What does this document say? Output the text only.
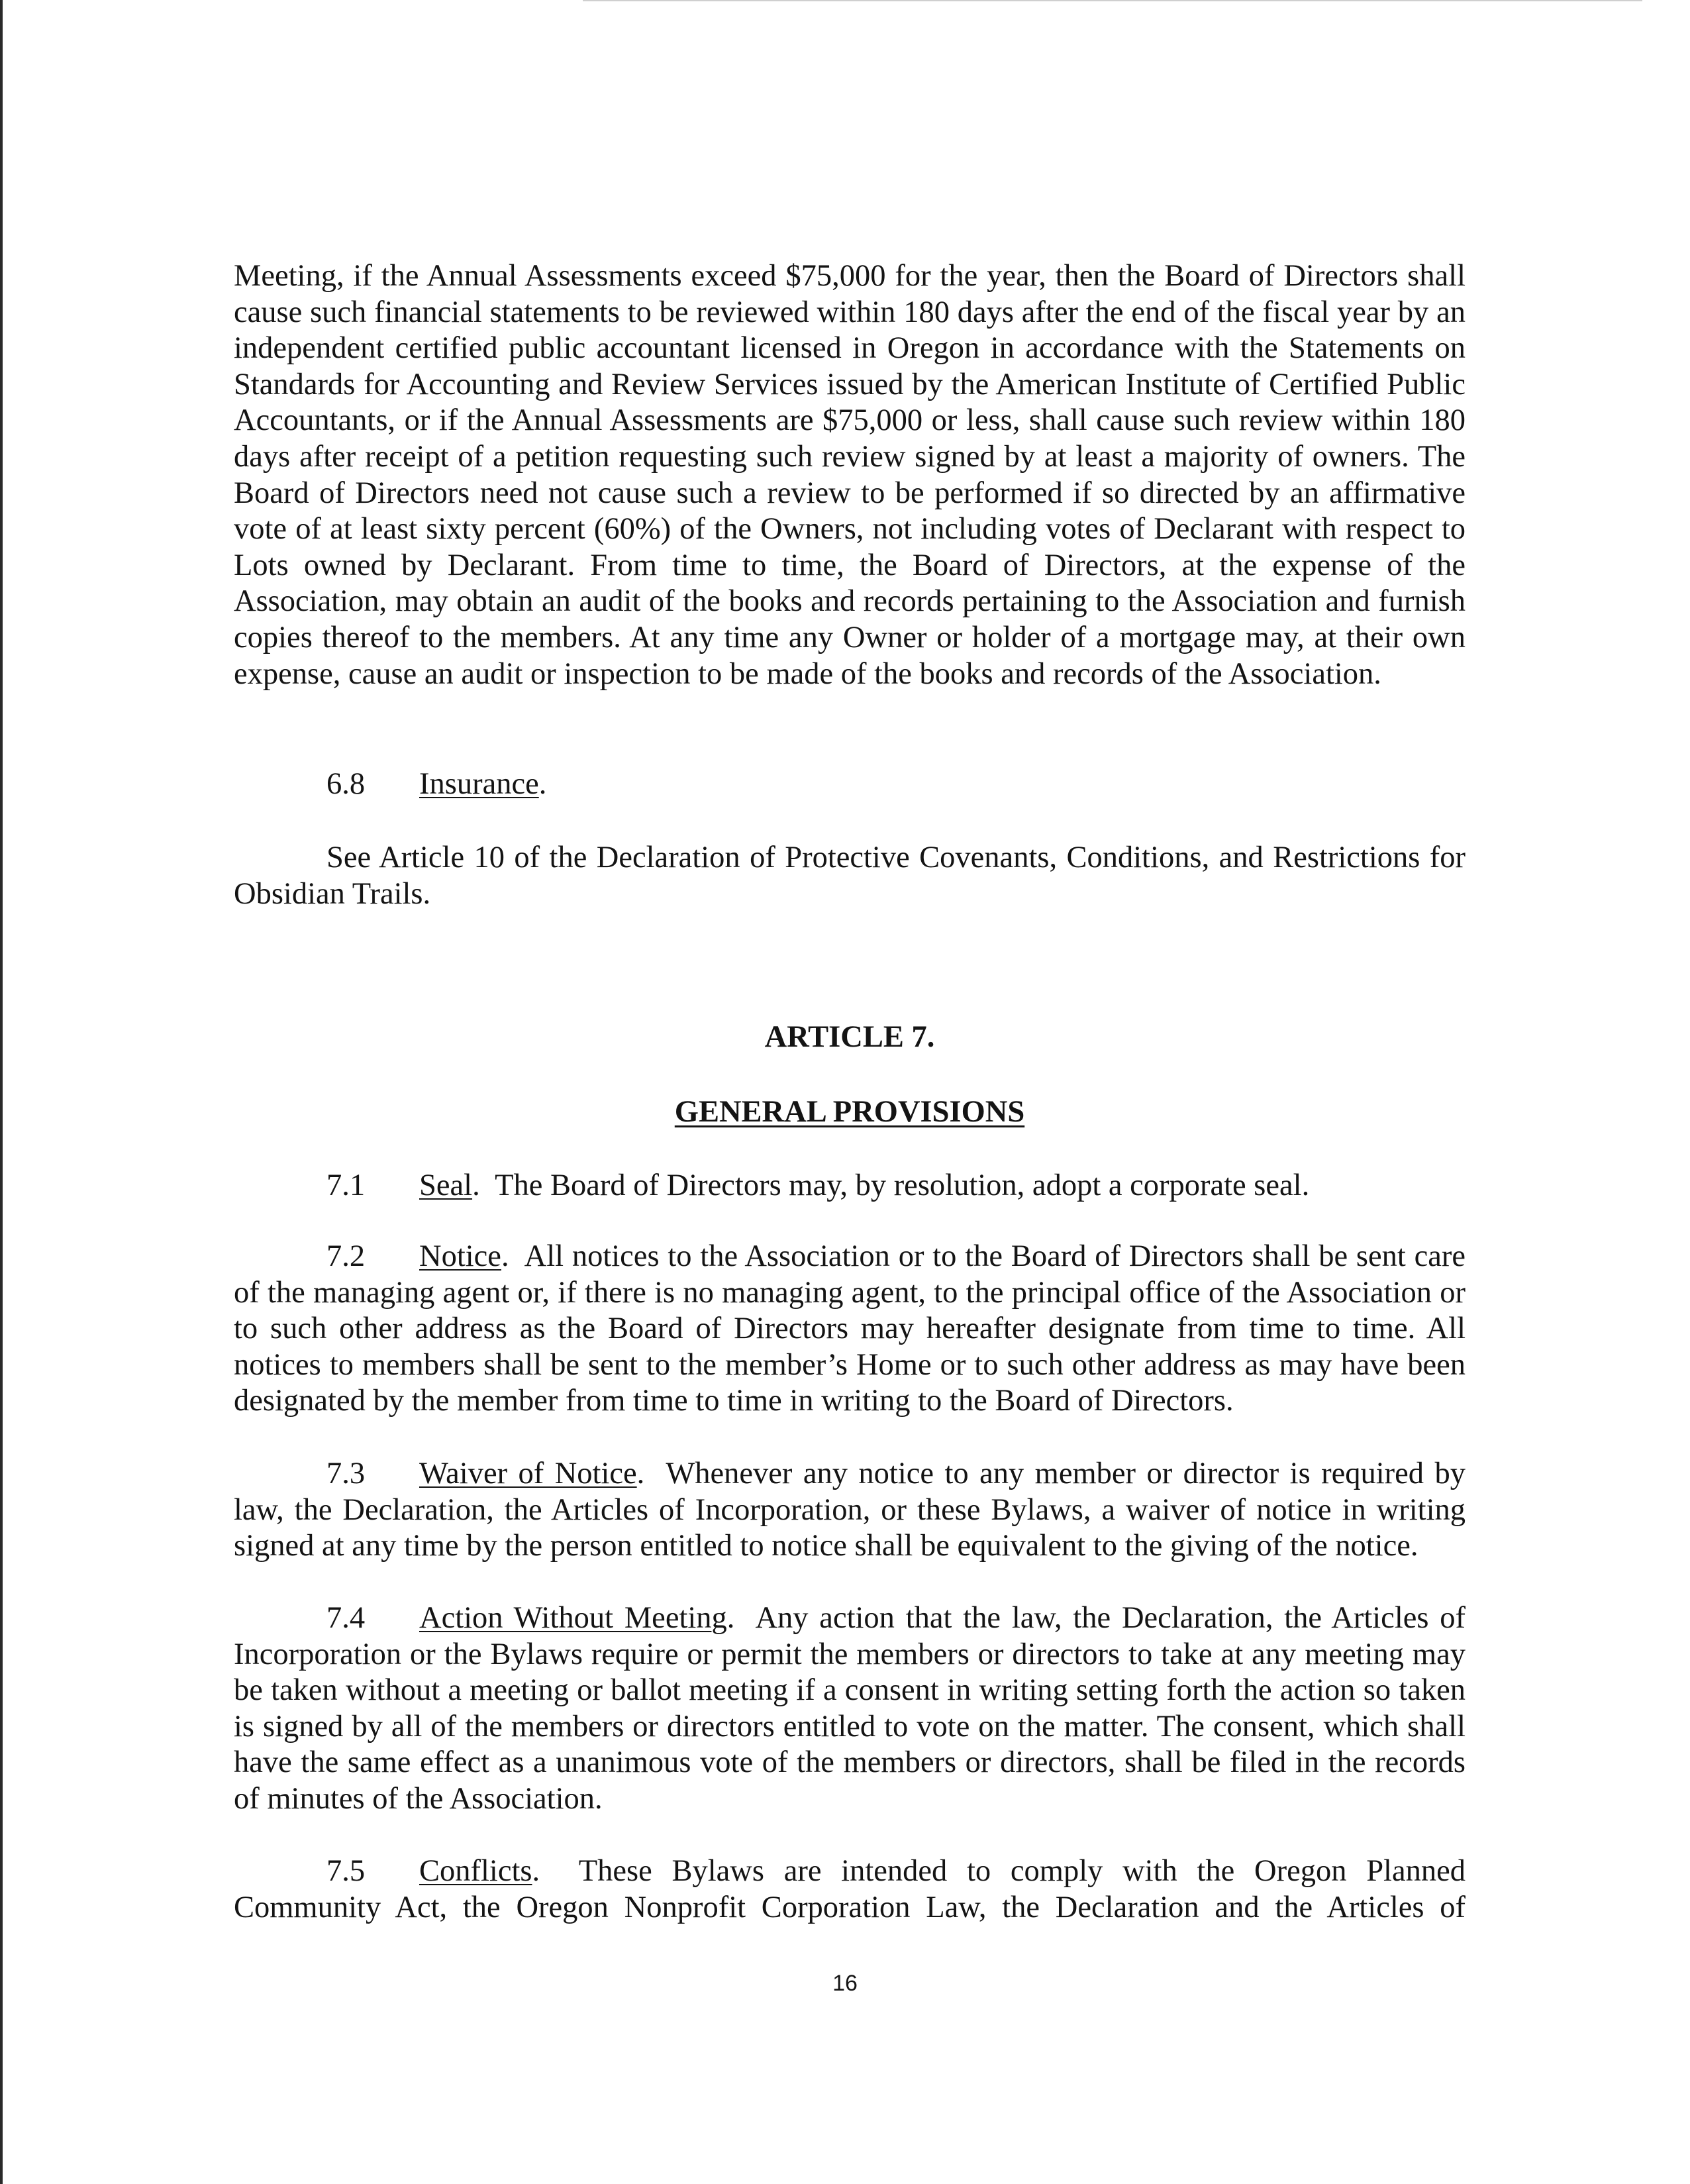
Meeting, if the Annual Assessments exceed $75,000 for the year, then the Board of Directors shall cause such financial statements to be reviewed within 180 days after the end of the fiscal year by an independent certified public accountant licensed in Oregon in accordance with the Statements on Standards for Accounting and Review Services issued by the American Institute of Certified Public Accountants, or if the Annual Assessments are $75,000 or less, shall cause such review within 180 days after receipt of a petition requesting such review signed by at least a majority of owners. The Board of Directors need not cause such a review to be performed if so directed by an affirmative vote of at least sixty percent (60%) of the Owners, not including votes of Declarant with respect to Lots owned by Declarant. From time to time, the Board of Directors, at the expense of the Association, may obtain an audit of the books and records pertaining to the Association and furnish copies thereof to the members. At any time any Owner or holder of a mortgage may, at their own expense, cause an audit or inspection to be made of the books and records of the Association.

6.8 Insurance.

See Article 10 of the Declaration of Protective Covenants, Conditions, and Restrictions for Obsidian Trails.

ARTICLE 7.

GENERAL PROVISIONS

7.1 Seal.  The Board of Directors may, by resolution, adopt a corporate seal.

7.2 Notice.  All notices to the Association or to the Board of Directors shall be sent care of the managing agent or, if there is no managing agent, to the principal office of the Association or to such other address as the Board of Directors may hereafter designate from time to time. All notices to members shall be sent to the member’s Home or to such other address as may have been designated by the member from time to time in writing to the Board of Directors.

7.3 Waiver of Notice.  Whenever any notice to any member or director is required by law, the Declaration, the Articles of Incorporation, or these Bylaws, a waiver of notice in writing signed at any time by the person entitled to notice shall be equivalent to the giving of the notice.

7.4 Action Without Meeting.  Any action that the law, the Declaration, the Articles of Incorporation or the Bylaws require or permit the members or directors to take at any meeting may be taken without a meeting or ballot meeting if a consent in writing setting forth the action so taken is signed by all of the members or directors entitled to vote on the matter. The consent, which shall have the same effect as a unanimous vote of the members or directors, shall be filed in the records of minutes of the Association.

7.5 Conflicts.  These Bylaws are intended to comply with the Oregon Planned Community Act, the Oregon Nonprofit Corporation Law, the Declaration and the Articles of

16
